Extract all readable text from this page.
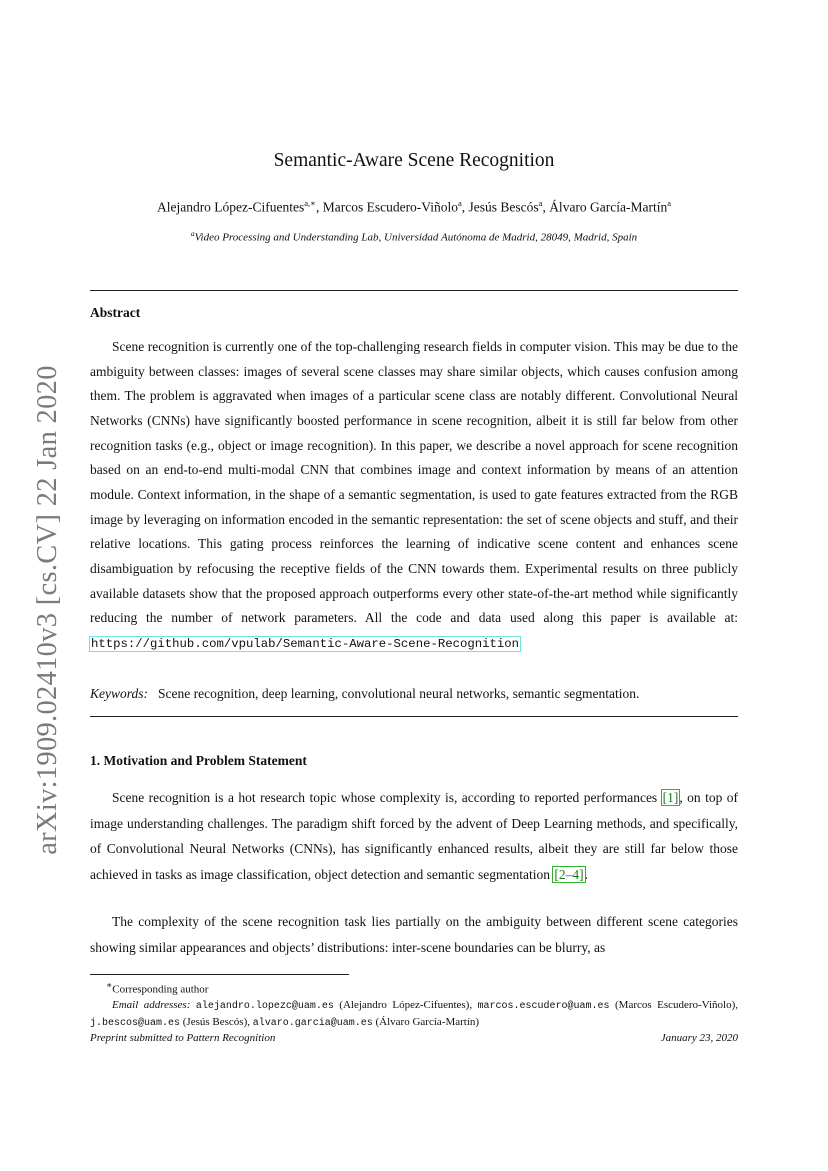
arXiv:1909.02410v3 [cs.CV] 22 Jan 2020
Semantic-Aware Scene Recognition
Alejandro López-Cifuentes$^{a,∗}$, Marcos Escudero-Viñolo$^a$, Jesús Bescós$^a$, Álvaro García-Martín$^a$
$^a$Video Processing and Understanding Lab, Universidad Autónoma de Madrid, 28049, Madrid, Spain
Abstract

Scene recognition is currently one of the top-challenging research fields in computer vision. This may be due to the ambiguity between classes: images of several scene classes may share similar objects, which causes confusion among them. The problem is aggravated when images of a particular scene class are notably different. Convolutional Neural Networks (CNNs) have significantly boosted performance in scene recognition, albeit it is still far below from other recognition tasks (e.g., object or image recognition). In this paper, we describe a novel approach for scene recognition based on an end-to-end multi-modal CNN that combines image and context information by means of an attention module. Context information, in the shape of a semantic segmentation, is used to gate features extracted from the RGB image by leveraging on information encoded in the semantic representation: the set of scene objects and stuff, and their relative locations. This gating process reinforces the learning of indicative scene content and enhances scene disambiguation by refocusing the receptive fields of the CNN towards them. Experimental results on three publicly available datasets show that the proposed approach outperforms every other state-of-the-art method while significantly reducing the number of network parameters. All the code and data used along this paper is available at: https://github.com/vpulab/Semantic-Aware-Scene-Recognition

Keywords: Scene recognition, deep learning, convolutional neural networks, semantic segmentation.
1. Motivation and Problem Statement

Scene recognition is a hot research topic whose complexity is, according to reported performances [1], on top of image understanding challenges. The paradigm shift forced by the advent of Deep Learning methods, and specifically, of Convolutional Neural Networks (CNNs), has significantly enhanced results, albeit they are still far below those achieved in tasks as image classification, object detection and semantic segmentation [2–4].

The complexity of the scene recognition task lies partially on the ambiguity between different scene categories showing similar appearances and objects’ distributions: inter-scene boundaries can be blurry, as

∗Corresponding author
Email addresses: alejandro.lopezc@uam.es (Alejandro López-Cifuentes), marcos.escudero@uam.es (Marcos Escudero-Viñolo), j.bescos@uam.es (Jesús Bescós), alvaro.garcia@uam.es (Álvaro García-Martín)
Preprint submitted to Pattern Recognition	January 23, 2020
